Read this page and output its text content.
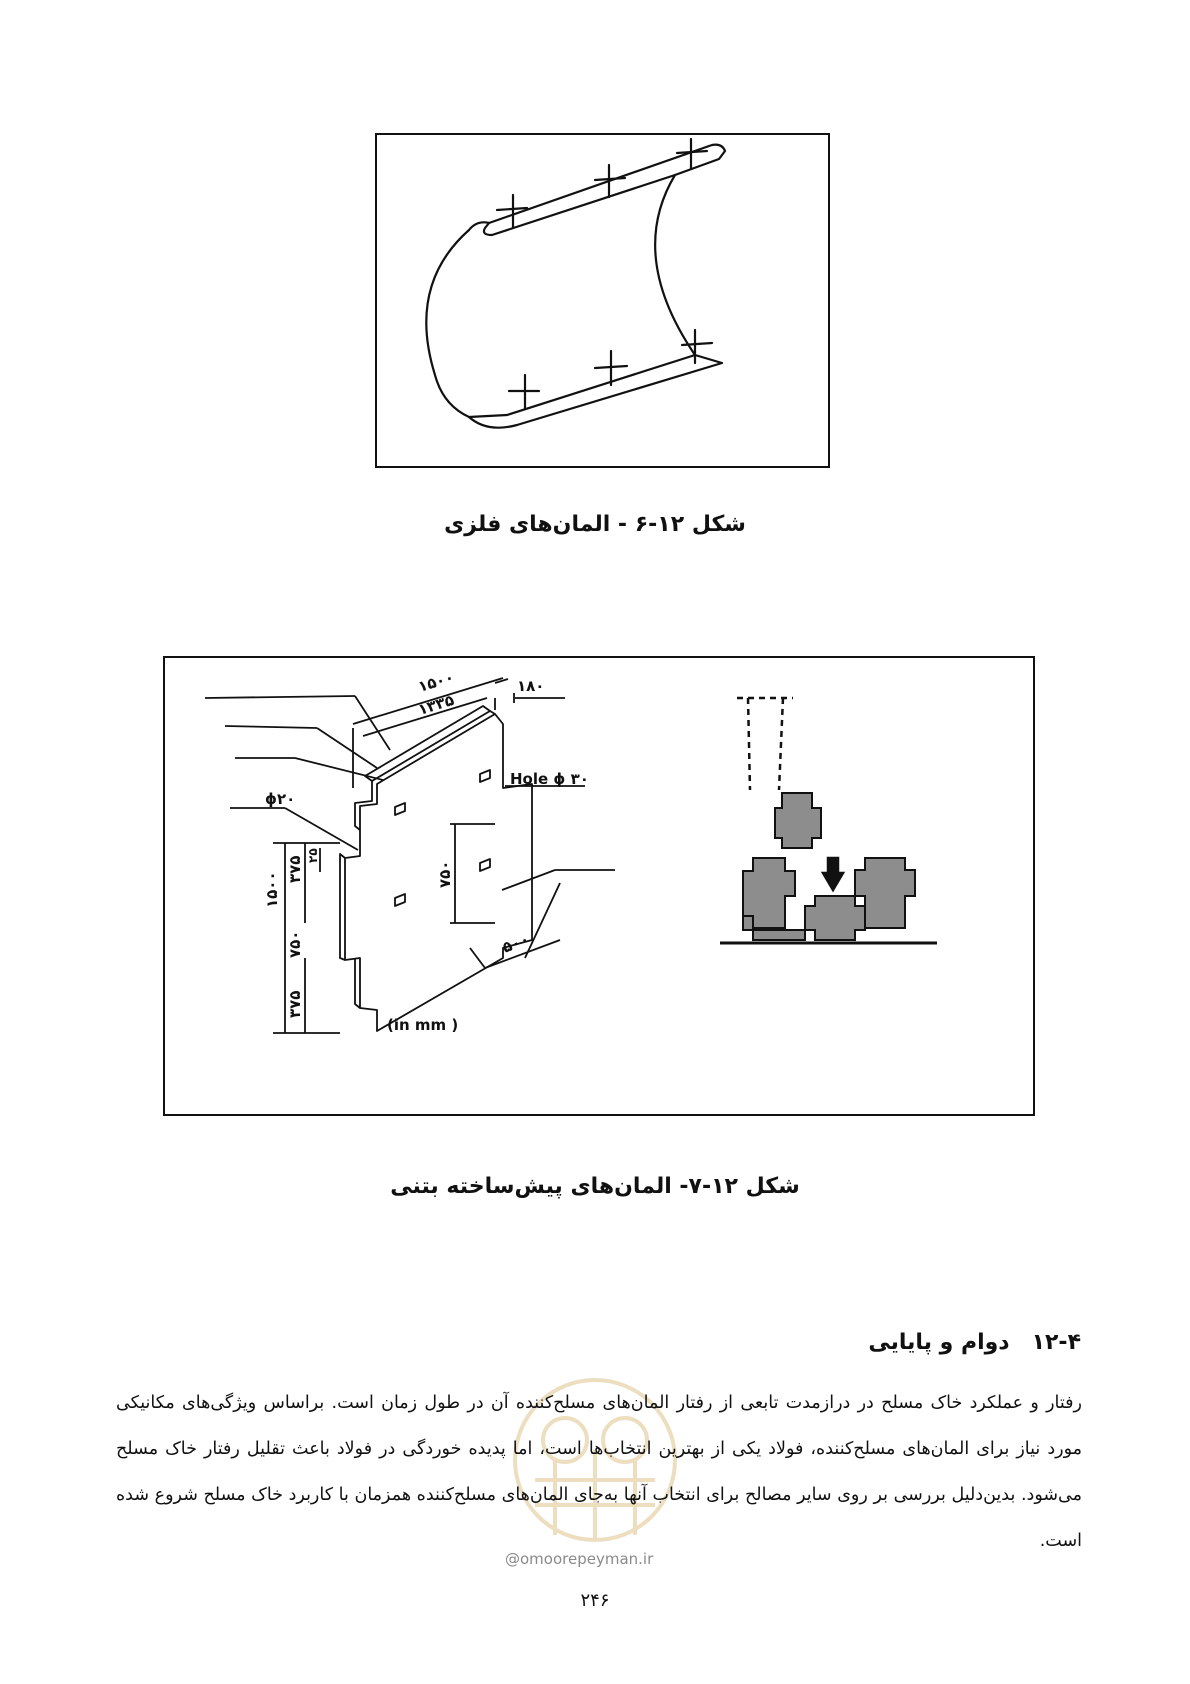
شکل ۱۲-۶ - المان‌های فلزی
۱۵۰۰
۱۳۳۵
۱۸۰
Hole ϕ ۳۰
ϕ۲۰
۱۵۰۰
۳۷۵ ۲۵
۷۵۰
۳۷۵
۷۵۰
۵۰۰
(in mm )
شکل ۱۲-۷- المان‌های پیش‌ساخته بتنی
@omoorepeyman.ir
۱۲-۴دوام و پایایی
رفتار و عملکرد خاک مسلح در درازمدت تابعی از رفتار المان‌های مسلح‌کننده آن در طول زمان است. براساس ویژگی‌های مکانیکی مورد نیاز برای المان‌های مسلح‌کننده، فولاد یکی از بهترین انتخاب‌ها است، اما پدیده خوردگی در فولاد باعث تقلیل رفتار خاک مسلح می‌شود. بدین‌دلیل بررسی بر روی سایر مصالح برای انتخاب آنها به‌جای المان‌های مسلح‌کننده همزمان با کاربرد خاک مسلح شروع شده است.
۲۴۶
